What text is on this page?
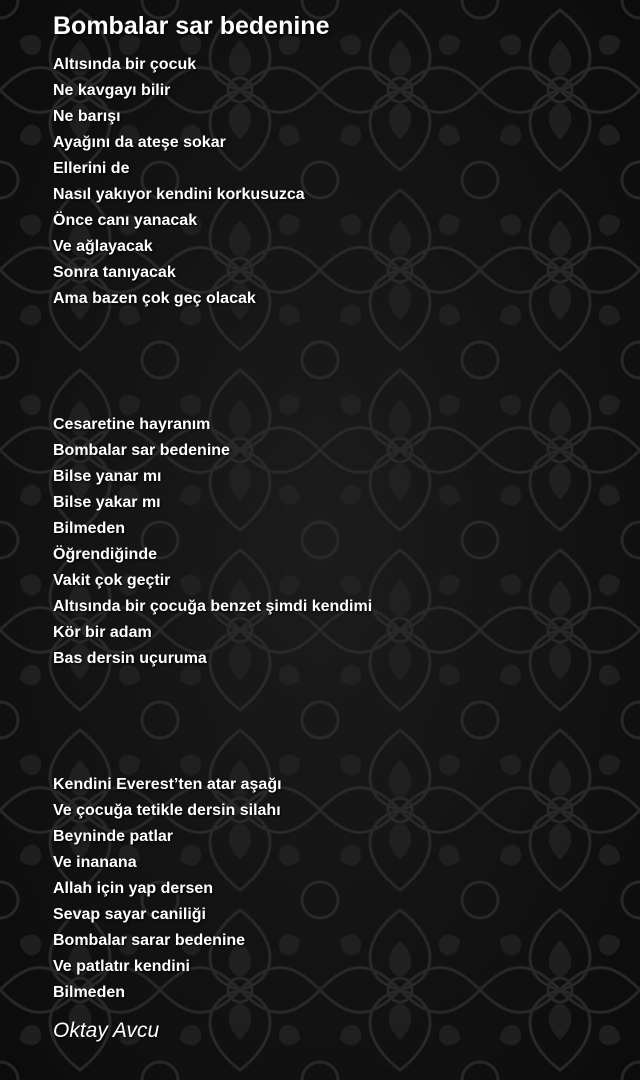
Bombalar sar bedenine
Altısında bir çocuk
Ne kavgayı bilir
Ne barışı
Ayağını da ateşe sokar
Ellerini de
Nasıl yakıyor kendini korkusuzca
Önce canı yanacak
Ve ağlayacak
Sonra tanıyacak
Ama bazen çok geç olacak
Cesaretine hayranım
Bombalar sar bedenine
Bilse yanar mı
Bilse yakar mı
Bilmeden
Öğrendiğinde
Vakit çok geçtir
Altısında bir çocuğa benzet şimdi kendimi
Kör bir adam
Bas dersin uçuruma
Kendini Everest’ten atar aşağı
Ve çocuğa tetikle dersin silahı
Beyninde patlar
Ve inanana
Allah için yap dersen
Sevap sayar caniliği
Bombalar sarar bedenine
Ve patlatır kendini
Bilmeden
Oktay Avcu
